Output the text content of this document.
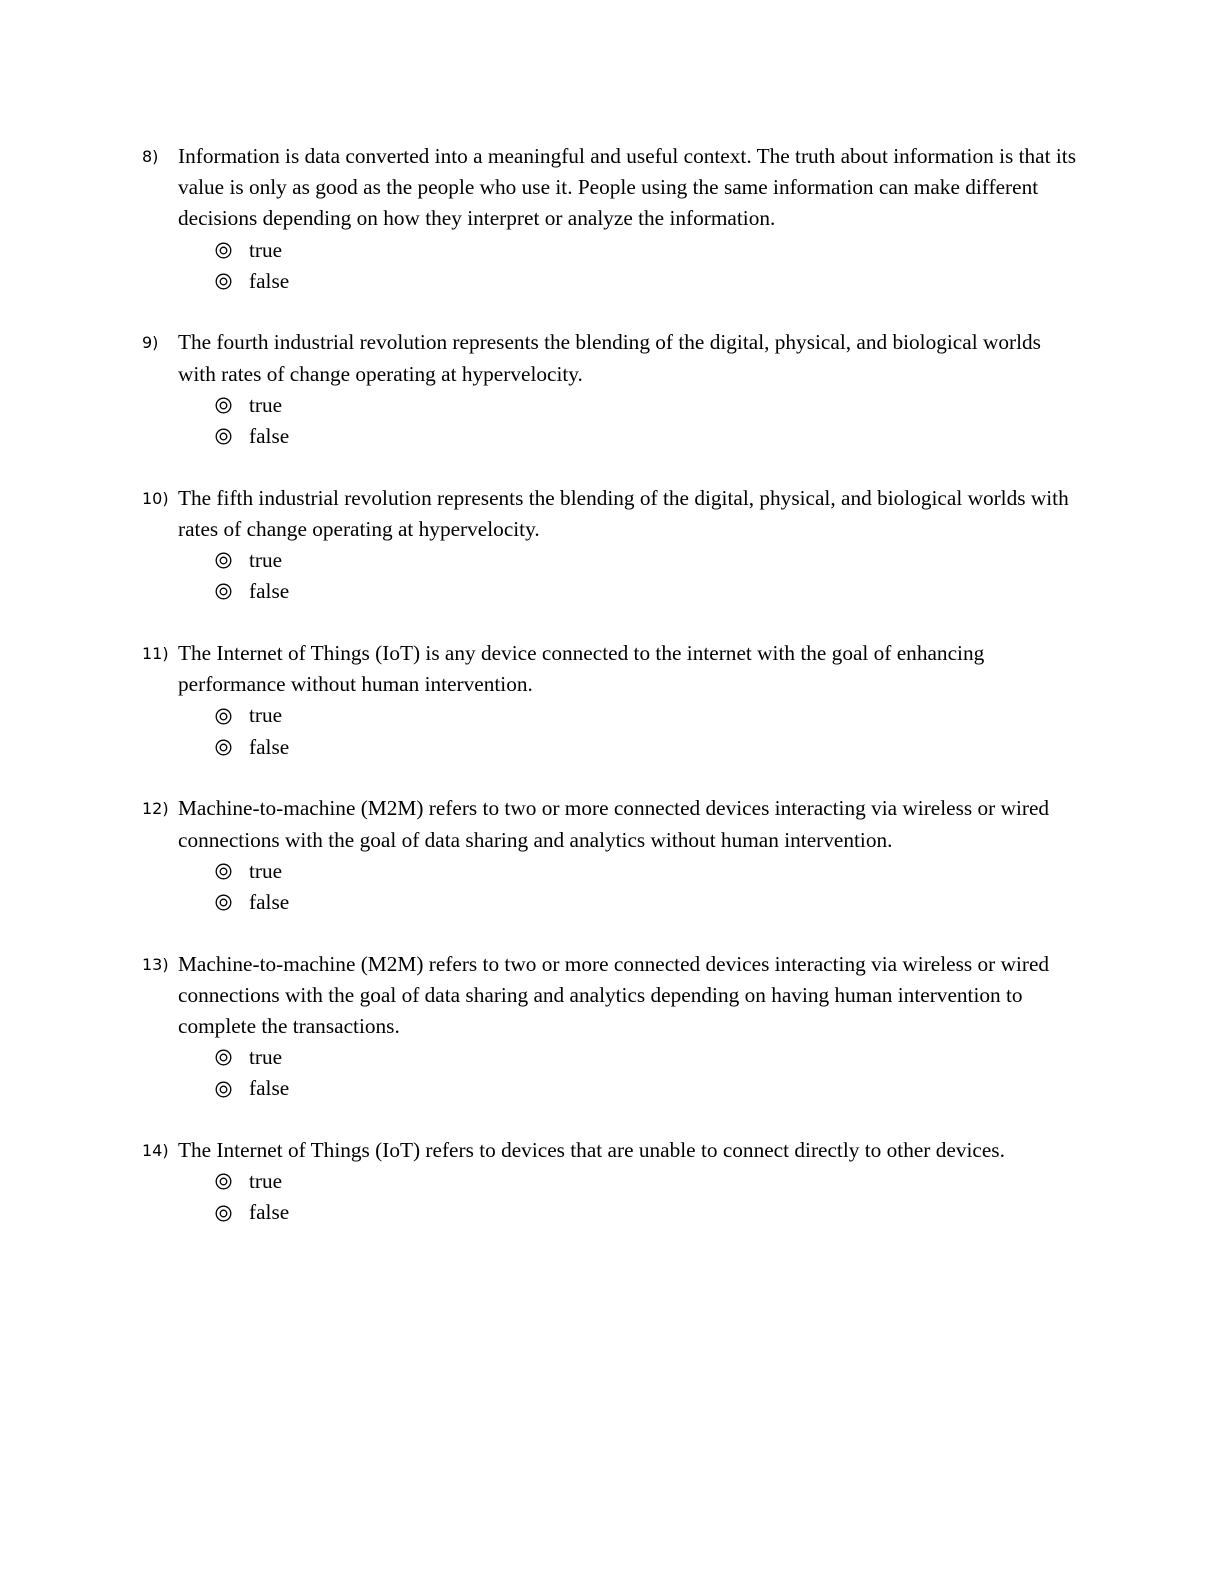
8) Information is data converted into a meaningful and useful context. The truth about information is that its value is only as good as the people who use it. People using the same information can make different decisions depending on how they interpret or analyze the information.
true
false
9) The fourth industrial revolution represents the blending of the digital, physical, and biological worlds with rates of change operating at hypervelocity.
true
false
10) The fifth industrial revolution represents the blending of the digital, physical, and biological worlds with rates of change operating at hypervelocity.
true
false
11) The Internet of Things (IoT) is any device connected to the internet with the goal of enhancing performance without human intervention.
true
false
12) Machine-to-machine (M2M) refers to two or more connected devices interacting via wireless or wired connections with the goal of data sharing and analytics without human intervention.
true
false
13) Machine-to-machine (M2M) refers to two or more connected devices interacting via wireless or wired connections with the goal of data sharing and analytics depending on having human intervention to complete the transactions.
true
false
14) The Internet of Things (IoT) refers to devices that are unable to connect directly to other devices.
true
false
